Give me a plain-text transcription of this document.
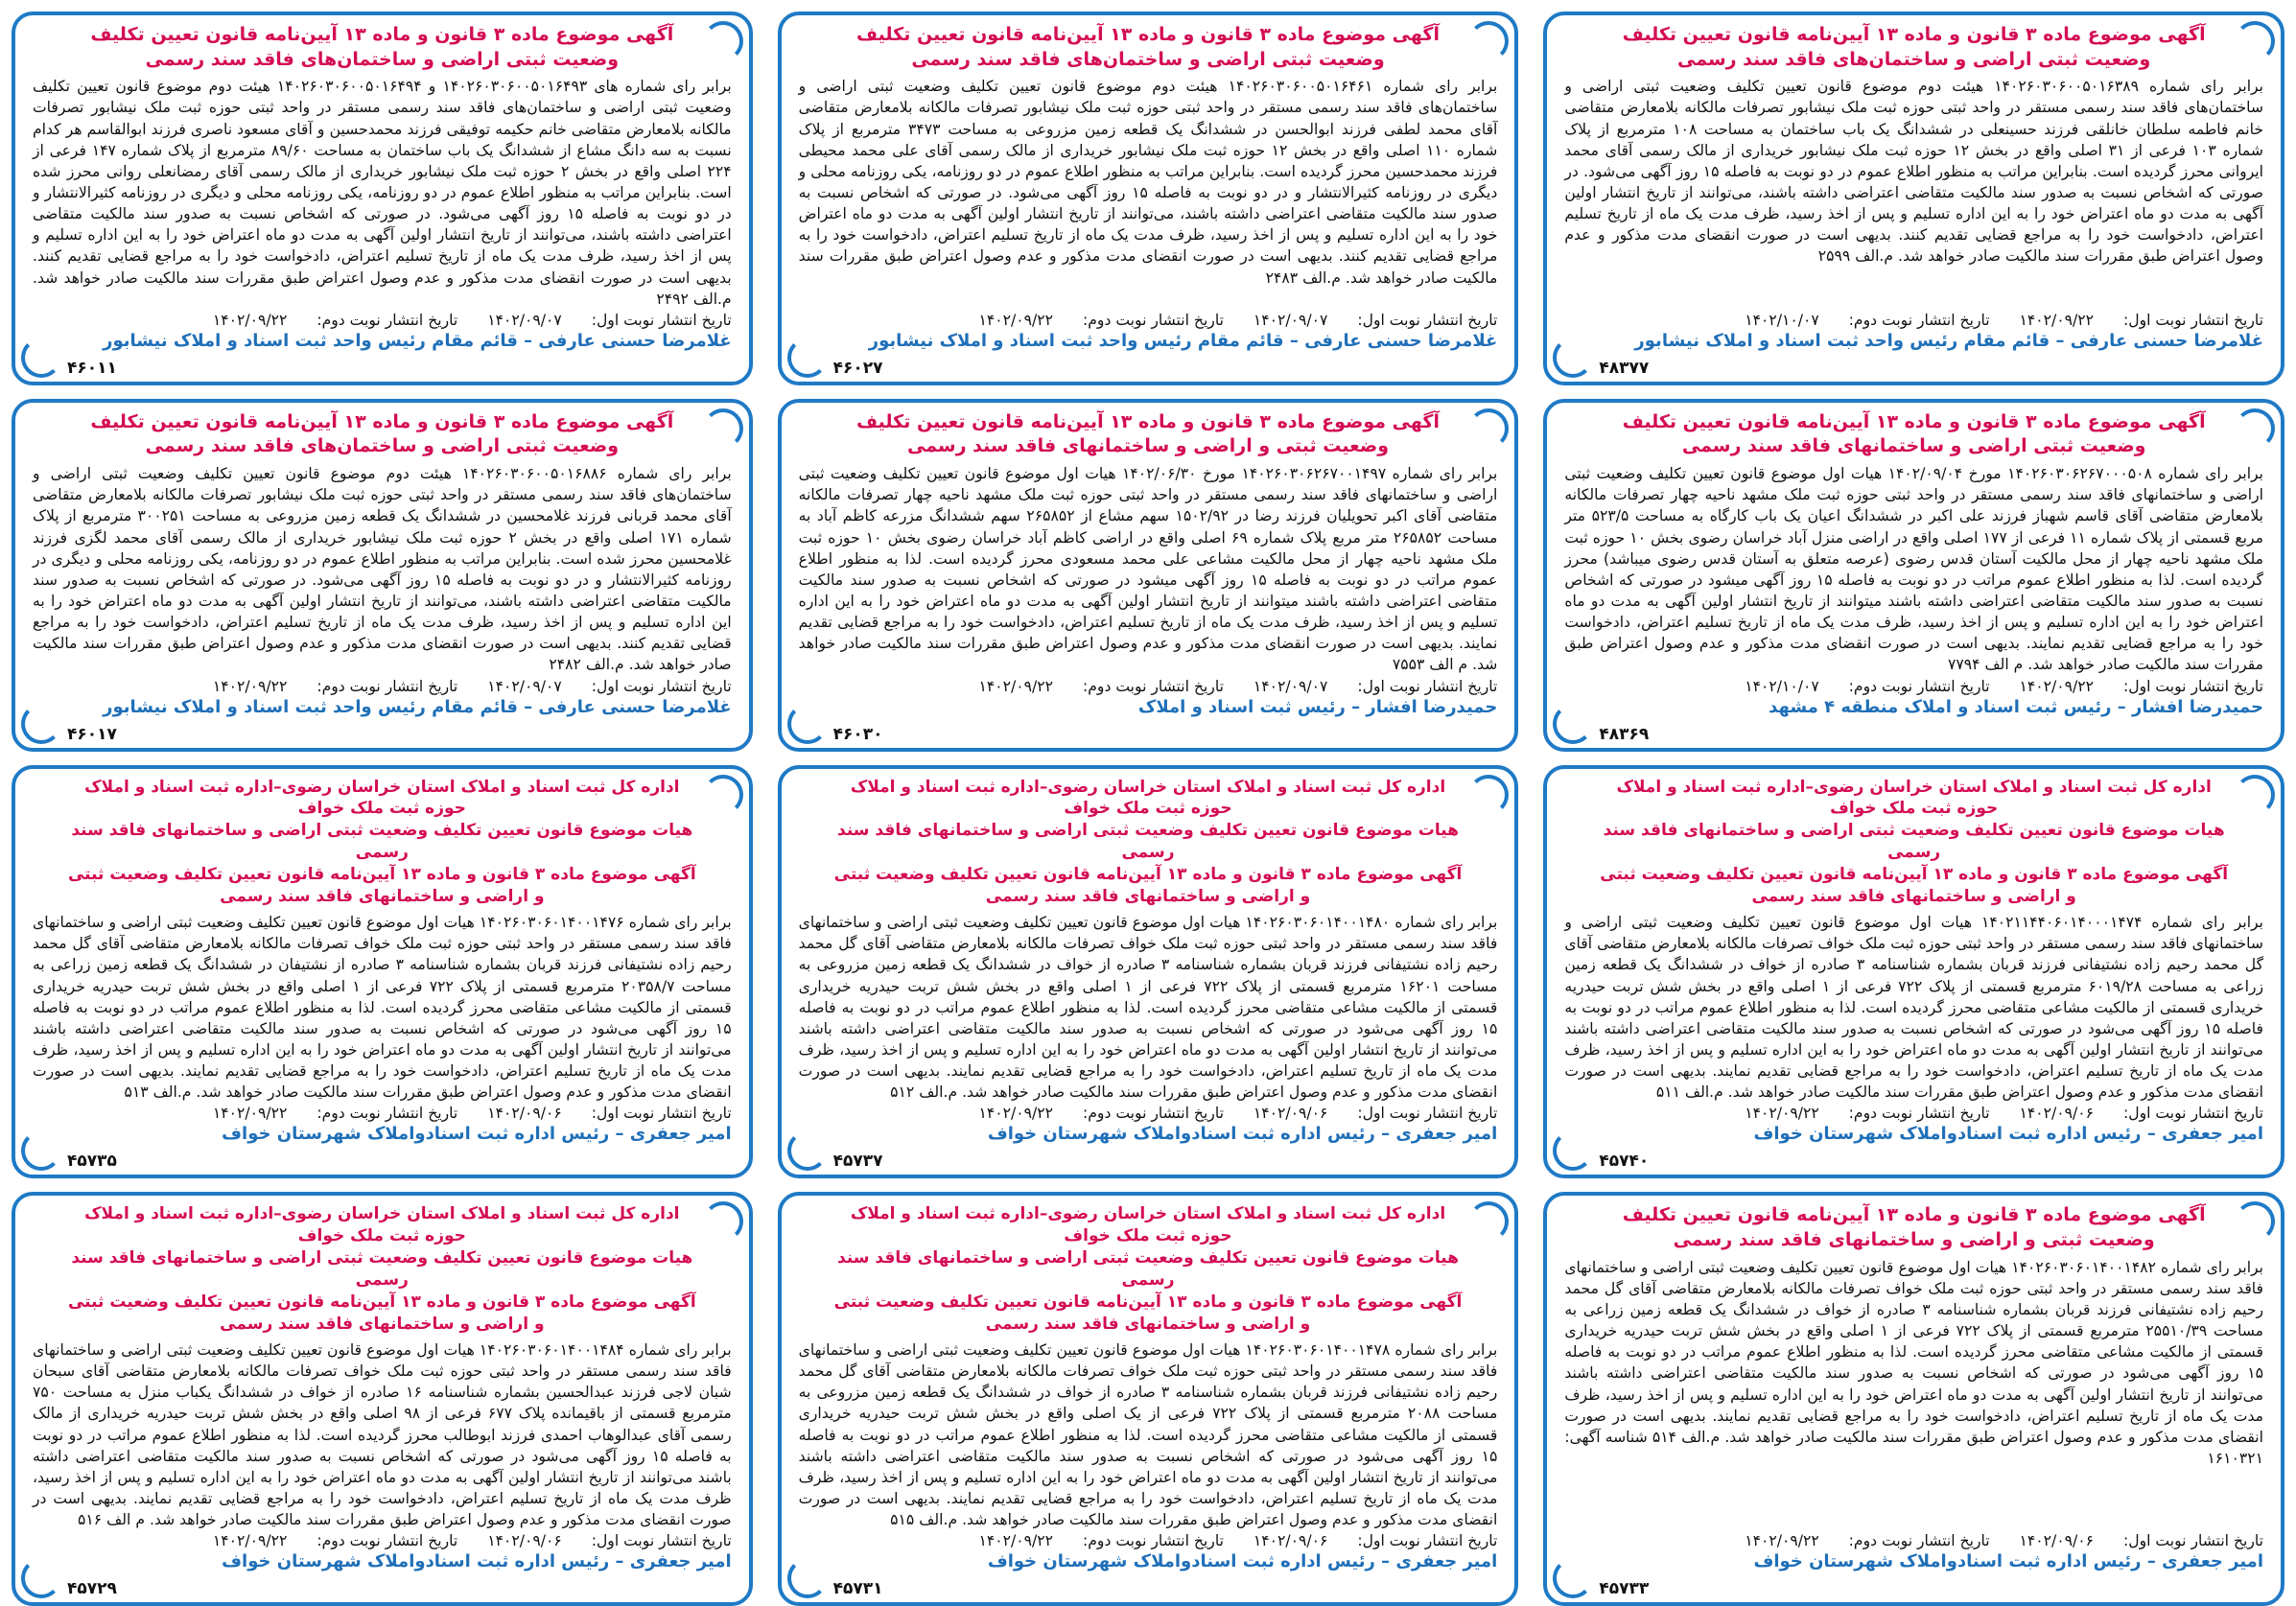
آگهی موضوع ماده ۳ قانون و ماده ۱۳ آیین‌نامه قانون تعیین تکلیف وضعیت ثبتی اراضی و ساختمان‌های فاقد سند رسمی
برابر رای شماره ۱۴۰۲۶۰۳۰۶۰۰۵۰۱۶۳۸۹ هیئت دوم موضوع قانون تعیین تکلیف وضعیت ثبتی اراضی و ساختمان‌های فاقد سند رسمی مستقر در واحد ثبتی حوزه ثبت ملک نیشابور تصرفات مالکانه بلامعارض متقاضی خانم فاطمه سلطان خانلقی فرزند حسینعلی در ششدانگ یک باب ساختمان به مساحت ۱۰۸ مترمربع از پلاک شماره ۱۰۳ فرعی از ۳۱ اصلی واقع در بخش ۱۲ حوزه ثبت ملک نیشابور خریداری از مالک رسمی آقای محمد ایروانی محرز گردیده است. بنابراین مراتب به منظور اطلاع عموم در دو نوبت به فاصله ۱۵ روز آگهی می‌شود. در صورتی که اشخاص نسبت به صدور سند مالکیت متقاضی اعتراضی داشته باشند، می‌توانند از تاریخ انتشار اولین آگهی به مدت دو ماه اعتراض خود را به این اداره تسلیم و پس از اخذ رسید، ظرف مدت یک ماه از تاریخ تسلیم اعتراض، دادخواست خود را به مراجع قضایی تقدیم کنند. بدیهی است در صورت انقضای مدت مذکور و عدم وصول اعتراض طبق مقررات سند مالکیت صادر خواهد شد. م.الف ۲۵۹۹
تاریخ انتشار نوبت اول: ۱۴۰۲/۰۹/۲۲ تاریخ انتشار نوبت دوم: ۱۴۰۲/۱۰/۰۷
غلامرضا حسنی عارفی – قائم مقام رئیس واحد ثبت اسناد و املاک نیشابور
۴۸۳۷۷
آگهی موضوع ماده ۳ قانون و ماده ۱۳ آیین‌نامه قانون تعیین تکلیف وضعیت ثبتی اراضی و ساختمان‌های فاقد سند رسمی
برابر رای شماره ۱۴۰۲۶۰۳۰۶۰۰۵۰۱۶۴۶۱ هیئت دوم موضوع قانون تعیین تکلیف وضعیت ثبتی اراضی و ساختمان‌های فاقد سند رسمی مستقر در واحد ثبتی حوزه ثبت ملک نیشابور تصرفات مالکانه بلامعارض متقاضی آقای محمد لطفی فرزند ابوالحسن در ششدانگ یک قطعه زمین مزروعی به مساحت ۳۴۷۳ مترمربع از پلاک شماره ۱۱۰ اصلی واقع در بخش ۱۲ حوزه ثبت ملک نیشابور خریداری از مالک رسمی آقای علی محمد محیطی فرزند محمدحسین محرز گردیده است. بنابراین مراتب به منظور اطلاع عموم در دو روزنامه، یکی روزنامه محلی و دیگری در روزنامه کثیرالانتشار و در دو نوبت به فاصله ۱۵ روز آگهی می‌شود. در صورتی که اشخاص نسبت به صدور سند مالکیت متقاضی اعتراضی داشته باشند، می‌توانند از تاریخ انتشار اولین آگهی به مدت دو ماه اعتراض خود را به این اداره تسلیم و پس از اخذ رسید، ظرف مدت یک ماه از تاریخ تسلیم اعتراض، دادخواست خود را به مراجع قضایی تقدیم کنند. بدیهی است در صورت انقضای مدت مذکور و عدم وصول اعتراض طبق مقررات سند مالکیت صادر خواهد شد. م.الف ۲۴۸۳
تاریخ انتشار نوبت اول: ۱۴۰۲/۰۹/۰۷ تاریخ انتشار نوبت دوم: ۱۴۰۲/۰۹/۲۲
غلامرضا حسنی عارفی – قائم مقام رئیس واحد ثبت اسناد و املاک نیشابور
۴۶۰۲۷
آگهی موضوع ماده ۳ قانون و ماده ۱۳ آیین‌نامه قانون تعیین تکلیف وضعیت ثبتی اراضی و ساختمان‌های فاقد سند رسمی
برابر رای شماره های ۱۴۰۲۶۰۳۰۶۰۰۵۰۱۶۴۹۳ و ۱۴۰۲۶۰۳۰۶۰۰۵۰۱۶۴۹۴ هیئت دوم موضوع قانون تعیین تکلیف وضعیت ثبتی اراضی و ساختمان‌های فاقد سند رسمی مستقر در واحد ثبتی حوزه ثبت ملک نیشابور تصرفات مالکانه بلامعارض متقاضی خانم حکیمه توفیقی فرزند محمدحسین و آقای مسعود ناصری فرزند ابوالقاسم هر کدام نسبت به سه دانگ مشاع از ششدانگ یک باب ساختمان به مساحت ۸۹/۶۰ مترمربع از پلاک شماره ۱۴۷ فرعی از ۲۲۴ اصلی واقع در بخش ۲ حوزه ثبت ملک نیشابور خریداری از مالک رسمی آقای رمضانعلی روانی محرز شده است. بنابراین مراتب به منظور اطلاع عموم در دو روزنامه، یکی روزنامه محلی و دیگری در روزنامه کثیرالانتشار و در دو نوبت به فاصله ۱۵ روز آگهی می‌شود. در صورتی که اشخاص نسبت به صدور سند مالکیت متقاضی اعتراضی داشته باشند، می‌توانند از تاریخ انتشار اولین آگهی به مدت دو ماه اعتراض خود را به این اداره تسلیم و پس از اخذ رسید، ظرف مدت یک ماه از تاریخ تسلیم اعتراض، دادخواست خود را به مراجع قضایی تقدیم کنند. بدیهی است در صورت انقضای مدت مذکور و عدم وصول اعتراض طبق مقررات سند مالکیت صادر خواهد شد. م.الف ۲۴۹۲
تاریخ انتشار نوبت اول: ۱۴۰۲/۰۹/۰۷ تاریخ انتشار نوبت دوم: ۱۴۰۲/۰۹/۲۲
غلامرضا حسنی عارفی – قائم مقام رئیس واحد ثبت اسناد و املاک نیشابور
۴۶۰۱۱
آگهی موضوع ماده ۳ قانون و ماده ۱۳ آیین‌نامه قانون تعیین تکلیف وضعیت ثبتی اراضی و ساختمانهای فاقد سند رسمی
برابر رای شماره ۱۴۰۲۶۰۳۰۶۲۶۷۰۰۰۵۰۸ مورخ ۱۴۰۲/۰۹/۰۴ هیات اول موضوع قانون تعیین تکلیف وضعیت ثبتی اراضی و ساختمانهای فاقد سند رسمی مستقر در واحد ثبتی حوزه ثبت ملک مشهد ناحیه چهار تصرفات مالکانه بلامعارض متقاضی آقای قاسم شهباز فرزند علی اکبر در ششدانگ اعیان یک باب کارگاه به مساحت ۵۲۳/۵ متر مربع قسمتی از پلاک شماره ۱۱ فرعی از ۱۷۷ اصلی واقع در اراضی منزل آباد خراسان رضوی بخش ۱۰ حوزه ثبت ملک مشهد ناحیه چهار از محل مالکیت آستان قدس رضوی (عرصه متعلق به آستان قدس رضوی میباشد) محرز گردیده است. لذا به منظور اطلاع عموم مراتب در دو نوبت به فاصله ۱۵ روز آگهی میشود در صورتی که اشخاص نسبت به صدور سند مالکیت متقاضی اعتراضی داشته باشند میتوانند از تاریخ انتشار اولین آگهی به مدت دو ماه اعتراض خود را به این اداره تسلیم و پس از اخذ رسید، ظرف مدت یک ماه از تاریخ تسلیم اعتراض، دادخواست خود را به مراجع قضایی تقدیم نمایند. بدیهی است در صورت انقضای مدت مذکور و عدم وصول اعتراض طبق مقررات سند مالکیت صادر خواهد شد. م الف ۷۷۹۴
تاریخ انتشار نوبت اول: ۱۴۰۲/۰۹/۲۲ تاریخ انتشار نوبت دوم: ۱۴۰۲/۱۰/۰۷
حمیدرضا افشار – رئیس ثبت اسناد و املاک منطقه ۴ مشهد
۴۸۳۶۹
آگهی موضوع ماده ۳ قانون و ماده ۱۳ آیین‌نامه قانون تعیین تکلیف وضعیت ثبتی و اراضی و ساختمانهای فاقد سند رسمی
برابر رای شماره ۱۴۰۲۶۰۳۰۶۲۶۷۰۰۱۴۹۷ مورخ ۱۴۰۲/۰۶/۳۰ هیات اول موضوع قانون تعیین تکلیف وضعیت ثبتی اراضی و ساختمانهای فاقد سند رسمی مستقر در واحد ثبتی حوزه ثبت ملک مشهد ناحیه چهار تصرفات مالکانه متقاضی آقای اکبر تحویلیان فرزند رضا در ۱۵۰۲/۹۲ سهم مشاع از ۲۶۵۸۵۲ سهم ششدانگ مزرعه کاظم آباد به مساحت ۲۶۵۸۵۲ متر مربع پلاک شماره ۶۹ اصلی واقع در اراضی کاظم آباد خراسان رضوی بخش ۱۰ حوزه ثبت ملک مشهد ناحیه چهار از محل مالکیت مشاعی علی محمد مسعودی محرز گردیده است. لذا به منظور اطلاع عموم مراتب در دو نوبت به فاصله ۱۵ روز آگهی میشود در صورتی که اشخاص نسبت به صدور سند مالکیت متقاضی اعتراضی داشته باشند میتوانند از تاریخ انتشار اولین آگهی به مدت دو ماه اعتراض خود را به این اداره تسلیم و پس از اخذ رسید، ظرف مدت یک ماه از تاریخ تسلیم اعتراض، دادخواست خود را به مراجع قضایی تقدیم نمایند. بدیهی است در صورت انقضای مدت مذکور و عدم وصول اعتراض طبق مقررات سند مالکیت صادر خواهد شد. م الف ۷۵۵۳
تاریخ انتشار نوبت اول: ۱۴۰۲/۰۹/۰۷ تاریخ انتشار نوبت دوم: ۱۴۰۲/۰۹/۲۲
حمیدرضا افشار – رئیس ثبت اسناد و املاک
۴۶۰۳۰
آگهی موضوع ماده ۳ قانون و ماده ۱۳ آیین‌نامه قانون تعیین تکلیف وضعیت ثبتی اراضی و ساختمان‌های فاقد سند رسمی
برابر رای شماره ۱۴۰۲۶۰۳۰۶۰۰۵۰۱۶۸۸۶ هیئت دوم موضوع قانون تعیین تکلیف وضعیت ثبتی اراضی و ساختمان‌های فاقد سند رسمی مستقر در واحد ثبتی حوزه ثبت ملک نیشابور تصرفات مالکانه بلامعارض متقاضی آقای محمد قربانی فرزند غلامحسین در ششدانگ یک قطعه زمین مزروعی به مساحت ۳۰۰۲۵۱ مترمربع از پلاک شماره ۱۷۱ اصلی واقع در بخش ۲ حوزه ثبت ملک نیشابور خریداری از مالک رسمی آقای محمد لگزی فرزند غلامحسین محرز شده است. بنابراین مراتب به منظور اطلاع عموم در دو روزنامه، یکی روزنامه محلی و دیگری در روزنامه کثیرالانتشار و در دو نوبت به فاصله ۱۵ روز آگهی می‌شود. در صورتی که اشخاص نسبت به صدور سند مالکیت متقاضی اعتراضی داشته باشند، می‌توانند از تاریخ انتشار اولین آگهی به مدت دو ماه اعتراض خود را به این اداره تسلیم و پس از اخذ رسید، ظرف مدت یک ماه از تاریخ تسلیم اعتراض، دادخواست خود را به مراجع قضایی تقدیم کنند. بدیهی است در صورت انقضای مدت مذکور و عدم وصول اعتراض طبق مقررات سند مالکیت صادر خواهد شد. م.الف ۲۴۸۲
تاریخ انتشار نوبت اول: ۱۴۰۲/۰۹/۰۷ تاریخ انتشار نوبت دوم: ۱۴۰۲/۰۹/۲۲
غلامرضا حسنی عارفی – قائم مقام رئیس واحد ثبت اسناد و املاک نیشابور
۴۶۰۱۷
اداره کل ثبت اسناد و املاک استان خراسان رضوی–اداره ثبت اسناد و املاک حوزه ثبت ملک خواف
هیات موضوع قانون تعیین تکلیف وضعیت ثبتی اراضی و ساختمانهای فاقد سند رسمی
آگهی موضوع ماده ۳ قانون و ماده ۱۳ آیین‌نامه قانون تعیین تکلیف وضعیت ثبتی و اراضی و ساختمانهای فاقد سند رسمی
برابر رای شماره ۱۴۰۲۱۱۴۴۰۶۰۱۴۰۰۰۱۴۷۴ هیات اول موضوع قانون تعیین تکلیف وضعیت ثبتی اراضی و ساختمانهای فاقد سند رسمی مستقر در واحد ثبتی حوزه ثبت ملک خواف تصرفات مالکانه بلامعارض متقاضی آقای گل محمد رحیم زاده نشتیفانی فرزند قربان بشماره شناسنامه ۳ صادره از خواف در ششدانگ یک قطعه زمین زراعی به مساحت ۶۰۱۹/۲۸ مترمربع قسمتی از پلاک ۷۲۲ فرعی از ۱ اصلی واقع در بخش شش تربت حیدریه خریداری قسمتی از مالکیت مشاعی متقاضی محرز گردیده است. لذا به منظور اطلاع عموم مراتب در دو نوبت به فاصله ۱۵ روز آگهی می‌شود در صورتی که اشخاص نسبت به صدور سند مالکیت متقاضی اعتراضی داشته باشند می‌توانند از تاریخ انتشار اولین آگهی به مدت دو ماه اعتراض خود را به این اداره تسلیم و پس از اخذ رسید، ظرف مدت یک ماه از تاریخ تسلیم اعتراض، دادخواست خود را به مراجع قضایی تقدیم نمایند. بدیهی است در صورت انقضای مدت مذکور و عدم وصول اعتراض طبق مقررات سند مالکیت صادر خواهد شد. م.الف ۵۱۱
تاریخ انتشار نوبت اول: ۱۴۰۲/۰۹/۰۶ تاریخ انتشار نوبت دوم: ۱۴۰۲/۰۹/۲۲
امیر جعفری – رئیس اداره ثبت اسناد‌واملاک شهرستان خواف
۴۵۷۴۰
اداره کل ثبت اسناد و املاک استان خراسان رضوی–اداره ثبت اسناد و املاک حوزه ثبت ملک خواف
هیات موضوع قانون تعیین تکلیف وضعیت ثبتی اراضی و ساختمانهای فاقد سند رسمی
آگهی موضوع ماده ۳ قانون و ماده ۱۳ آیین‌نامه قانون تعیین تکلیف وضعیت ثبتی و اراضی و ساختمانهای فاقد سند رسمی
برابر رای شماره ۱۴۰۲۶۰۳۰۶۰۱۴۰۰۱۴۸۰ هیات اول موضوع قانون تعیین تکلیف وضعیت ثبتی اراضی و ساختمانهای فاقد سند رسمی مستقر در واحد ثبتی حوزه ثبت ملک خواف تصرفات مالکانه بلامعارض متقاضی آقای گل محمد رحیم زاده نشتیفانی فرزند قربان بشماره شناسنامه ۳ صادره از خواف در ششدانگ یک قطعه زمین مزروعی به مساحت ۱۶۲۰۱ مترمربع قسمتی از پلاک ۷۲۲ فرعی از ۱ اصلی واقع در بخش شش تربت حیدریه خریداری قسمتی از مالکیت مشاعی متقاضی محرز گردیده است. لذا به منظور اطلاع عموم مراتب در دو نوبت به فاصله ۱۵ روز آگهی می‌شود در صورتی که اشخاص نسبت به صدور سند مالکیت متقاضی اعتراضی داشته باشند می‌توانند از تاریخ انتشار اولین آگهی به مدت دو ماه اعتراض خود را به این اداره تسلیم و پس از اخذ رسید، ظرف مدت یک ماه از تاریخ تسلیم اعتراض، دادخواست خود را به مراجع قضایی تقدیم نمایند. بدیهی است در صورت انقضای مدت مذکور و عدم وصول اعتراض طبق مقررات سند مالکیت صادر خواهد شد. م.الف ۵۱۲
تاریخ انتشار نوبت اول: ۱۴۰۲/۰۹/۰۶ تاریخ انتشار نوبت دوم: ۱۴۰۲/۰۹/۲۲
امیر جعفری – رئیس اداره ثبت اسناد‌واملاک شهرستان خواف
۴۵۷۳۷
اداره کل ثبت اسناد و املاک استان خراسان رضوی–اداره ثبت اسناد و املاک حوزه ثبت ملک خواف
هیات موضوع قانون تعیین تکلیف وضعیت ثبتی اراضی و ساختمانهای فاقد سند رسمی
آگهی موضوع ماده ۳ قانون و ماده ۱۳ آیین‌نامه قانون تعیین تکلیف وضعیت ثبتی و اراضی و ساختمانهای فاقد سند رسمی
برابر رای شماره ۱۴۰۲۶۰۳۰۶۰۱۴۰۰۱۴۷۶ هیات اول موضوع قانون تعیین تکلیف وضعیت ثبتی اراضی و ساختمانهای فاقد سند رسمی مستقر در واحد ثبتی حوزه ثبت ملک خواف تصرفات مالکانه بلامعارض متقاضی آقای گل محمد رحیم زاده نشتیفانی فرزند قربان بشماره شناسنامه ۳ صادره از نشتیفان در ششدانگ یک قطعه زمین زراعی به مساحت ۲۰۳۵۸/۷ مترمربع قسمتی از پلاک ۷۲۲ فرعی از ۱ اصلی واقع در بخش شش تربت حیدریه خریداری قسمتی از مالکیت مشاعی متقاضی محرز گردیده است. لذا به منظور اطلاع عموم مراتب در دو نوبت به فاصله ۱۵ روز آگهی می‌شود در صورتی که اشخاص نسبت به صدور سند مالکیت متقاضی اعتراضی داشته باشند می‌توانند از تاریخ انتشار اولین آگهی به مدت دو ماه اعتراض خود را به این اداره تسلیم و پس از اخذ رسید، ظرف مدت یک ماه از تاریخ تسلیم اعتراض، دادخواست خود را به مراجع قضایی تقدیم نمایند. بدیهی است در صورت انقضای مدت مذکور و عدم وصول اعتراض طبق مقررات سند مالکیت صادر خواهد شد. م.الف ۵۱۳
تاریخ انتشار نوبت اول: ۱۴۰۲/۰۹/۰۶ تاریخ انتشار نوبت دوم: ۱۴۰۲/۰۹/۲۲
امیر جعفری – رئیس اداره ثبت اسناد‌واملاک شهرستان خواف
۴۵۷۳۵
آگهی موضوع ماده ۳ قانون و ماده ۱۳ آیین‌نامه قانون تعیین تکلیف وضعیت ثبتی و اراضی و ساختمانهای فاقد سند رسمی
برابر رای شماره ۱۴۰۲۶۰۳۰۶۰۱۴۰۰۱۴۸۲ هیات اول موضوع قانون تعیین تکلیف وضعیت ثبتی اراضی و ساختمانهای فاقد سند رسمی مستقر در واحد ثبتی حوزه ثبت ملک خواف تصرفات مالکانه بلامعارض متقاضی آقای گل محمد رحیم زاده نشتیفانی فرزند قربان بشماره شناسنامه ۳ صادره از خواف در ششدانگ یک قطعه زمین زراعی به مساحت ۲۵۵۱۰/۳۹ مترمربع قسمتی از پلاک ۷۲۲ فرعی از ۱ اصلی واقع در بخش شش تربت حیدریه خریداری قسمتی از مالکیت مشاعی متقاضی محرز گردیده است. لذا به منظور اطلاع عموم مراتب در دو نوبت به فاصله ۱۵ روز آگهی می‌شود در صورتی که اشخاص نسبت به صدور سند مالکیت متقاضی اعتراضی داشته باشند می‌توانند از تاریخ انتشار اولین آگهی به مدت دو ماه اعتراض خود را به این اداره تسلیم و پس از اخذ رسید، ظرف مدت یک ماه از تاریخ تسلیم اعتراض، دادخواست خود را به مراجع قضایی تقدیم نمایند. بدیهی است در صورت انقضای مدت مذکور و عدم وصول اعتراض طبق مقررات سند مالکیت صادر خواهد شد. م.الف ۵۱۴ شناسه آگهی: ۱۶۱۰۳۲۱
تاریخ انتشار نوبت اول: ۱۴۰۲/۰۹/۰۶ تاریخ انتشار نوبت دوم: ۱۴۰۲/۰۹/۲۲
امیر جعفری – رئیس اداره ثبت اسناد‌واملاک شهرستان خواف
۴۵۷۳۳
اداره کل ثبت اسناد و املاک استان خراسان رضوی–اداره ثبت اسناد و املاک حوزه ثبت ملک خواف
هیات موضوع قانون تعیین تکلیف وضعیت ثبتی اراضی و ساختمانهای فاقد سند رسمی
آگهی موضوع ماده ۳ قانون و ماده ۱۳ آیین‌نامه قانون تعیین تکلیف وضعیت ثبتی و اراضی و ساختمانهای فاقد سند رسمی
برابر رای شماره ۱۴۰۲۶۰۳۰۶۰۱۴۰۰۱۴۷۸ هیات اول موضوع قانون تعیین تکلیف وضعیت ثبتی اراضی و ساختمانهای فاقد سند رسمی مستقر در واحد ثبتی حوزه ثبت ملک خواف تصرفات مالکانه بلامعارض متقاضی آقای گل محمد رحیم زاده نشتیفانی فرزند قربان بشماره شناسنامه ۳ صادره از خواف در ششدانگ یک قطعه زمین مزروعی به مساحت ۲۰۸۸ مترمربع قسمتی از پلاک ۷۲۲ فرعی از یک اصلی واقع در بخش شش تربت حیدریه خریداری قسمتی از مالکیت مشاعی متقاضی محرز گردیده است. لذا به منظور اطلاع عموم مراتب در دو نوبت به فاصله ۱۵ روز آگهی می‌شود در صورتی که اشخاص نسبت به صدور سند مالکیت متقاضی اعتراضی داشته باشند می‌توانند از تاریخ انتشار اولین آگهی به مدت دو ماه اعتراض خود را به این اداره تسلیم و پس از اخذ رسید، ظرف مدت یک ماه از تاریخ تسلیم اعتراض، دادخواست خود را به مراجع قضایی تقدیم نمایند. بدیهی است در صورت انقضای مدت مذکور و عدم وصول اعتراض طبق مقررات سند مالکیت صادر خواهد شد. م.الف ۵۱۵
تاریخ انتشار نوبت اول: ۱۴۰۲/۰۹/۰۶ تاریخ انتشار نوبت دوم: ۱۴۰۲/۰۹/۲۲
امیر جعفری – رئیس اداره ثبت اسناد‌واملاک شهرستان خواف
۴۵۷۳۱
اداره کل ثبت اسناد و املاک استان خراسان رضوی–اداره ثبت اسناد و املاک حوزه ثبت ملک خواف
هیات موضوع قانون تعیین تکلیف وضعیت ثبتی اراضی و ساختمانهای فاقد سند رسمی
آگهی موضوع ماده ۳ قانون و ماده ۱۳ آیین‌نامه قانون تعیین تکلیف وضعیت ثبتی و اراضی و ساختمانهای فاقد سند رسمی
برابر رای شماره ۱۴۰۲۶۰۳۰۶۰۱۴۰۰۱۴۸۴ هیات اول موضوع قانون تعیین تکلیف وضعیت ثبتی اراضی و ساختمانهای فاقد سند رسمی مستقر در واحد ثبتی حوزه ثبت ملک خواف تصرفات مالکانه بلامعارض متقاضی آقای سبحان شبان لاجی فرزند عبدالحسین بشماره شناسنامه ۱۶ صادره از خواف در ششدانگ یکباب منزل به مساحت ۷۵۰ مترمربع قسمتی از باقیمانده پلاک ۶۷۷ فرعی از ۹۸ اصلی واقع در بخش شش تربت حیدریه خریداری از مالک رسمی آقای عبدالوهاب احمدی فرزند ابوطالب محرز گردیده است. لذا به منظور اطلاع عموم مراتب در دو نوبت به فاصله ۱۵ روز آگهی می‌شود در صورتی که اشخاص نسبت به صدور سند مالکیت متقاضی اعتراضی داشته باشند می‌توانند از تاریخ انتشار اولین آگهی به مدت دو ماه اعتراض خود را به این اداره تسلیم و پس از اخذ رسید، ظرف مدت یک ماه از تاریخ تسلیم اعتراض، دادخواست خود را به مراجع قضایی تقدیم نمایند. بدیهی است در صورت انقضای مدت مذکور و عدم وصول اعتراض طبق مقررات سند مالکیت صادر خواهد شد. م الف ۵۱۶
تاریخ انتشار نوبت اول: ۱۴۰۲/۰۹/۰۶ تاریخ انتشار نوبت دوم: ۱۴۰۲/۰۹/۲۲
امیر جعفری – رئیس اداره ثبت اسناد‌واملاک شهرستان خواف
۴۵۷۲۹
